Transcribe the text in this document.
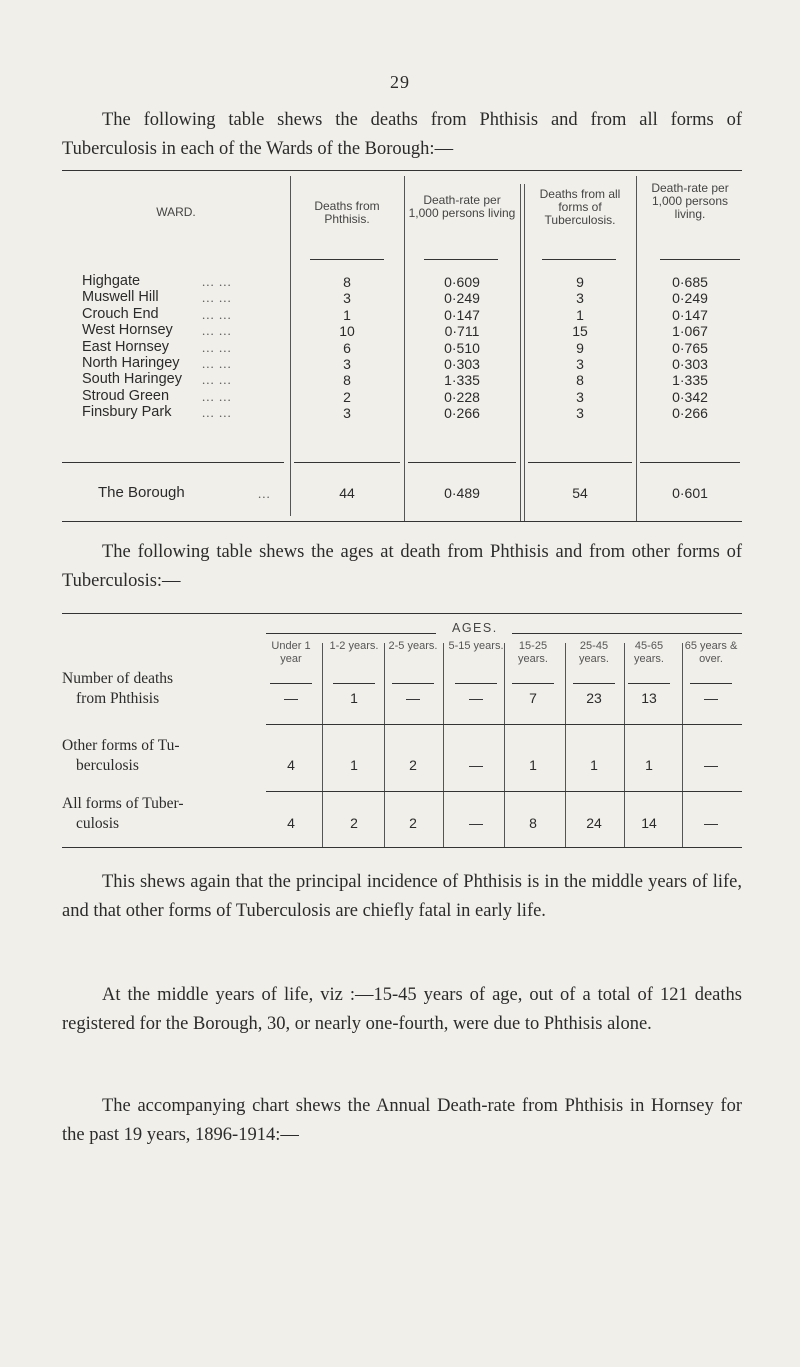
29
The following table shews the deaths from Phthisis and from all forms of Tuberculosis in each of the Wards of the Borough:—
WARD.	Deaths from Phthisis.
Death-rate per 1,000 persons living
Deaths from all forms of Tuberculosis.
Death-rate per 1,000 persons living.
Highgate	... ...	8	0·609	9	0·685
Muswell Hill	... ...	3	0·249	3	0·249
Crouch End	... ...	1	0·147	1	0·147
West Hornsey ... ...	10	0·711	15	1·067
East Hornsey	... ...	6	0·510	9	0·765
North Haringey ... ...	3	0·303	3	0·303
South Haringey ... ...	8	1·335	8	1·335
Stroud Green	... ...	2	0·228	3	0·342
Finsbury Park ... ...	3	0·266	3	0·266
The Borough	...	44	0·489	54	0·601
The following table shews the ages at death from Phthisis and from other forms of Tuberculosis:—
AGES.
Under 1 year
1-2 years. 2-5 years.	5-15 years.	15-25 years.
25-45 years.
45-65 years.
65 years & over.
Number of deaths
from Phthisis	—	1	—	—	7	23	13	—
Other forms of Tu-
berculosis	4	1	2	—	1	1	1	—
All forms of Tuber-
culosis	4	2	2	—	8	24	14	—
This shews again that the principal incidence of Phthisis is in the middle years of life, and that other forms of Tuberculosis are chiefly fatal in early life.
At the middle years of life, viz :—15-45 years of age, out of a total of 121 deaths registered for the Borough, 30, or nearly one-fourth, were due to Phthisis alone.
The accompanying chart shews the Annual Death-rate from Phthisis in Hornsey for the past 19 years, 1896-1914:—
